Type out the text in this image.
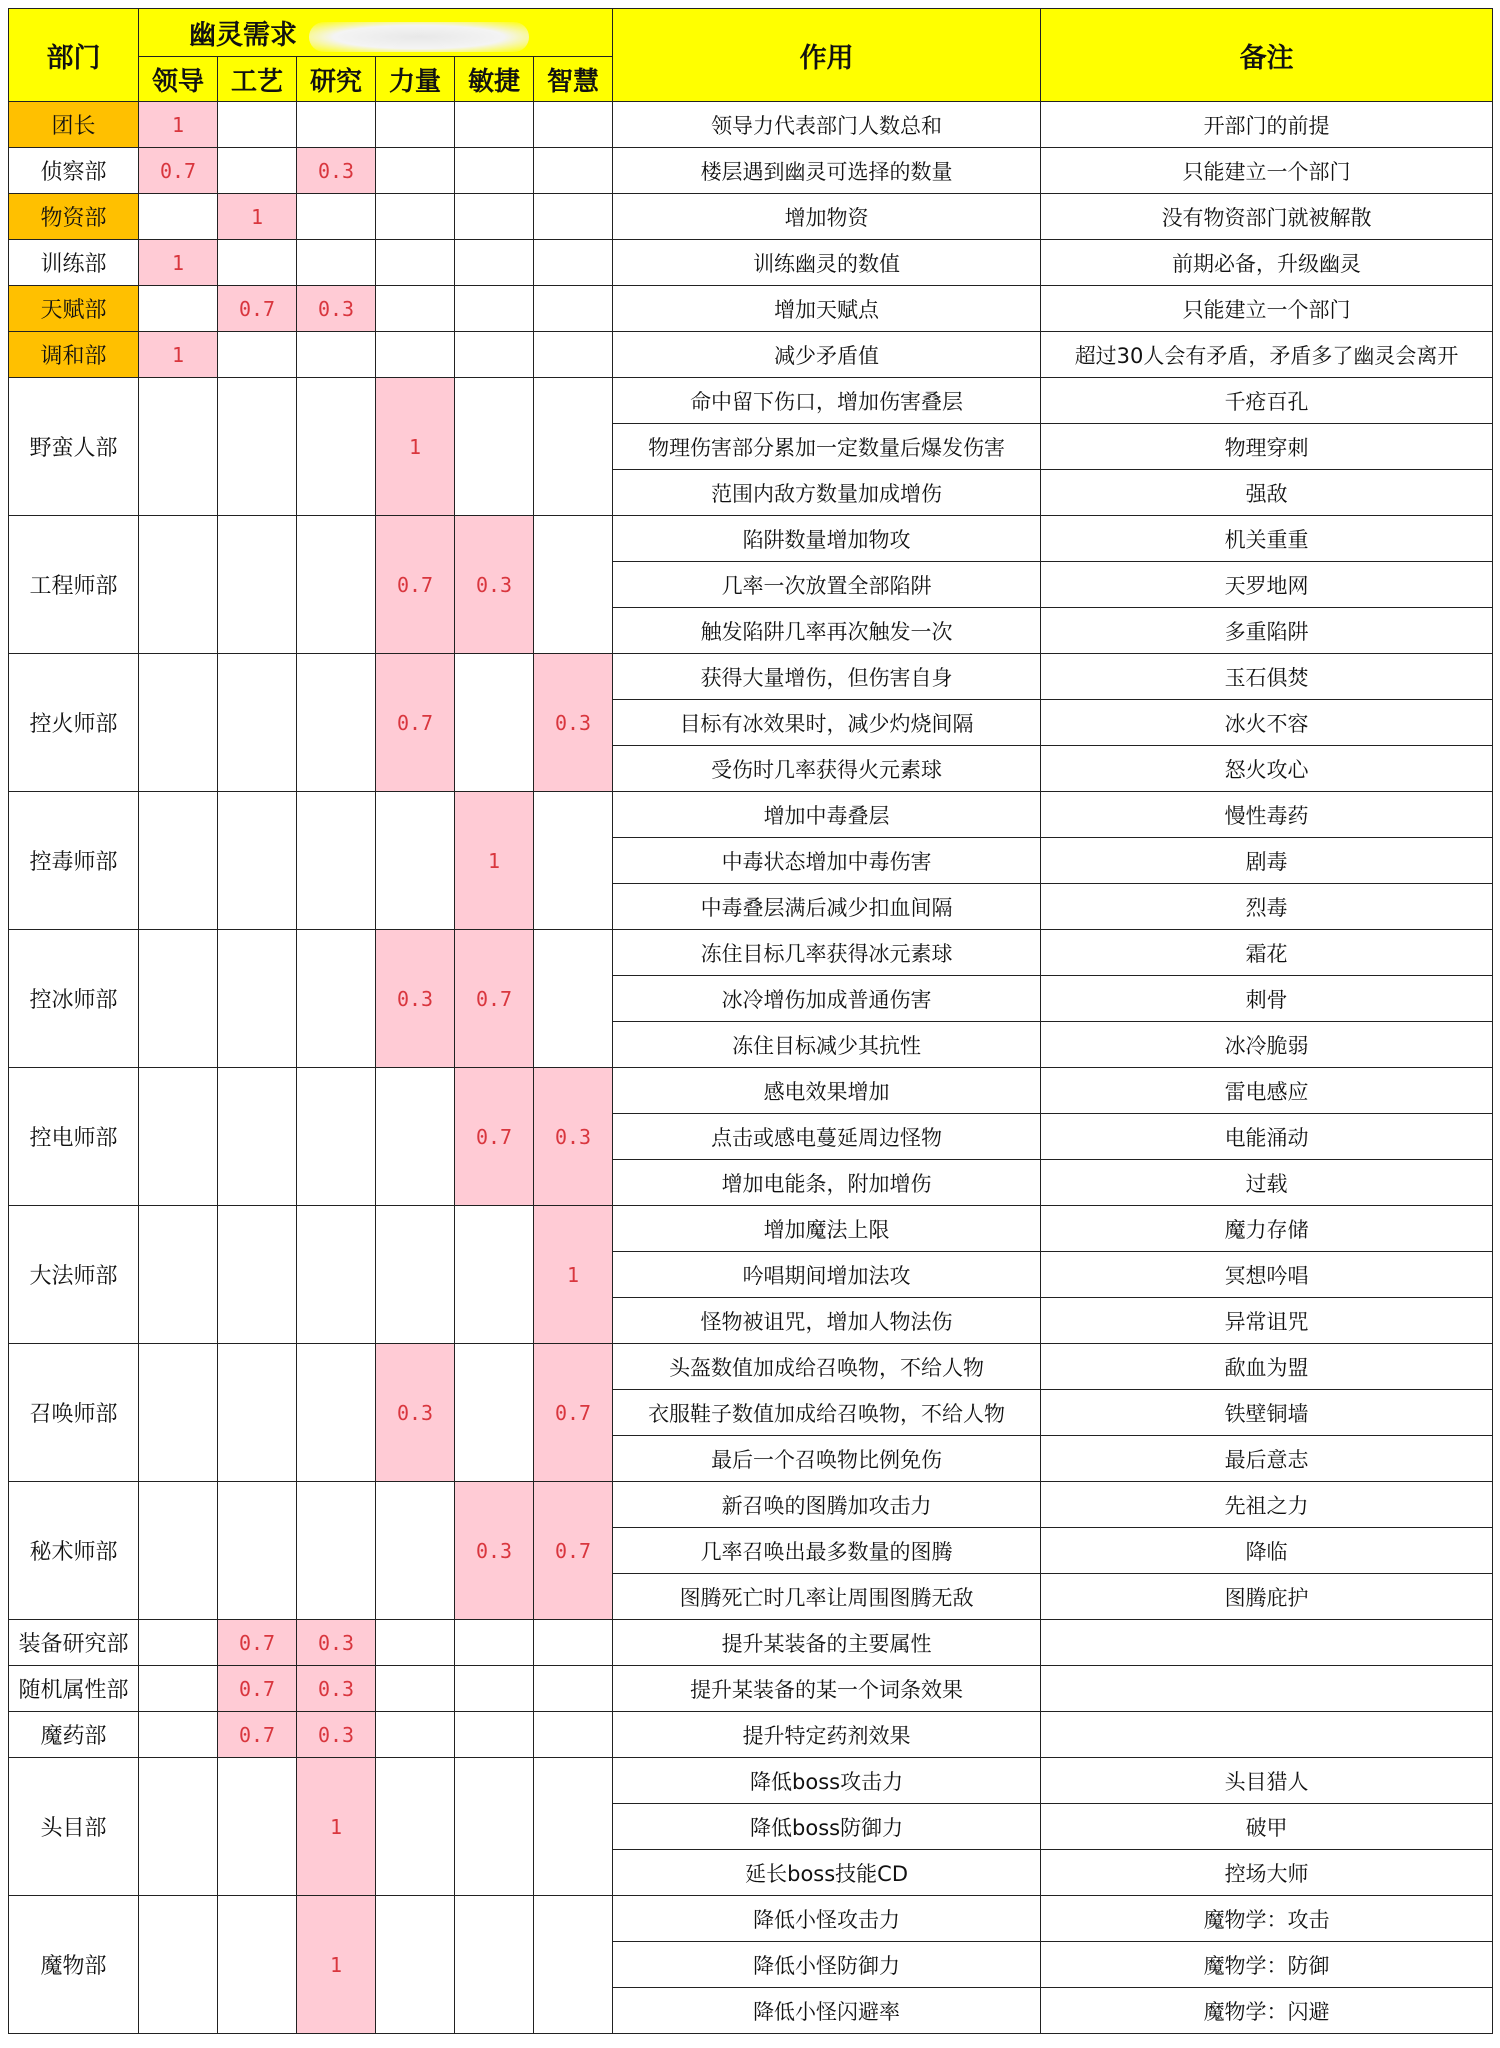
部门	幽灵需求						作用	备注
	领导	工艺	研究	力量	敏捷	智慧		
团长	1						领导力代表部门人数总和	开部门的前提
侦察部	0.7		0.3				楼层遇到幽灵可选择的数量	只能建立一个部门
物资部		1					增加物资	没有物资部门就被解散
训练部	1						训练幽灵的数值	前期必备，升级幽灵
天赋部		0.7	0.3				增加天赋点	只能建立一个部门
调和部	1						减少矛盾值	超过30人会有矛盾，矛盾多了幽灵会离开
野蛮人部				1			命中留下伤口，增加伤害叠层	千疮百孔
							物理伤害部分累加一定数量后爆发伤害	物理穿刺
							范围内敌方数量加成增伤	强敌
工程师部				0.7	0.3		陷阱数量增加物攻	机关重重
							几率一次放置全部陷阱	天罗地网
							触发陷阱几率再次触发一次	多重陷阱
控火师部				0.7		0.3	获得大量增伤，但伤害自身	玉石俱焚
							目标有冰效果时，减少灼烧间隔	冰火不容
							受伤时几率获得火元素球	怒火攻心
控毒师部					1		增加中毒叠层	慢性毒药
							中毒状态增加中毒伤害	剧毒
							中毒叠层满后减少扣血间隔	烈毒
控冰师部				0.3	0.7		冻住目标几率获得冰元素球	霜花
							冰冷增伤加成普通伤害	刺骨
							冻住目标减少其抗性	冰冷脆弱
控电师部					0.7	0.3	感电效果增加	雷电感应
							点击或感电蔓延周边怪物	电能涌动
							增加电能条，附加增伤	过载
大法师部						1	增加魔法上限	魔力存储
							吟唱期间增加法攻	冥想吟唱
							怪物被诅咒，增加人物法伤	异常诅咒
召唤师部				0.3		0.7	头盔数值加成给召唤物，不给人物	歃血为盟
							衣服鞋子数值加成给召唤物，不给人物	铁壁铜墙
							最后一个召唤物比例免伤	最后意志
秘术师部					0.3	0.7	新召唤的图腾加攻击力	先祖之力
							几率召唤出最多数量的图腾	降临
							图腾死亡时几率让周围图腾无敌	图腾庇护
装备研究部		0.7	0.3				提升某装备的主要属性	
随机属性部		0.7	0.3				提升某装备的某一个词条效果	
魔药部		0.7	0.3				提升特定药剂效果	
头目部			1				降低boss攻击力	头目猎人
							降低boss防御力	破甲
							延长boss技能CD	控场大师
魔物部			1				降低小怪攻击力	魔物学：攻击
							降低小怪防御力	魔物学：防御
							降低小怪闪避率	魔物学：闪避
